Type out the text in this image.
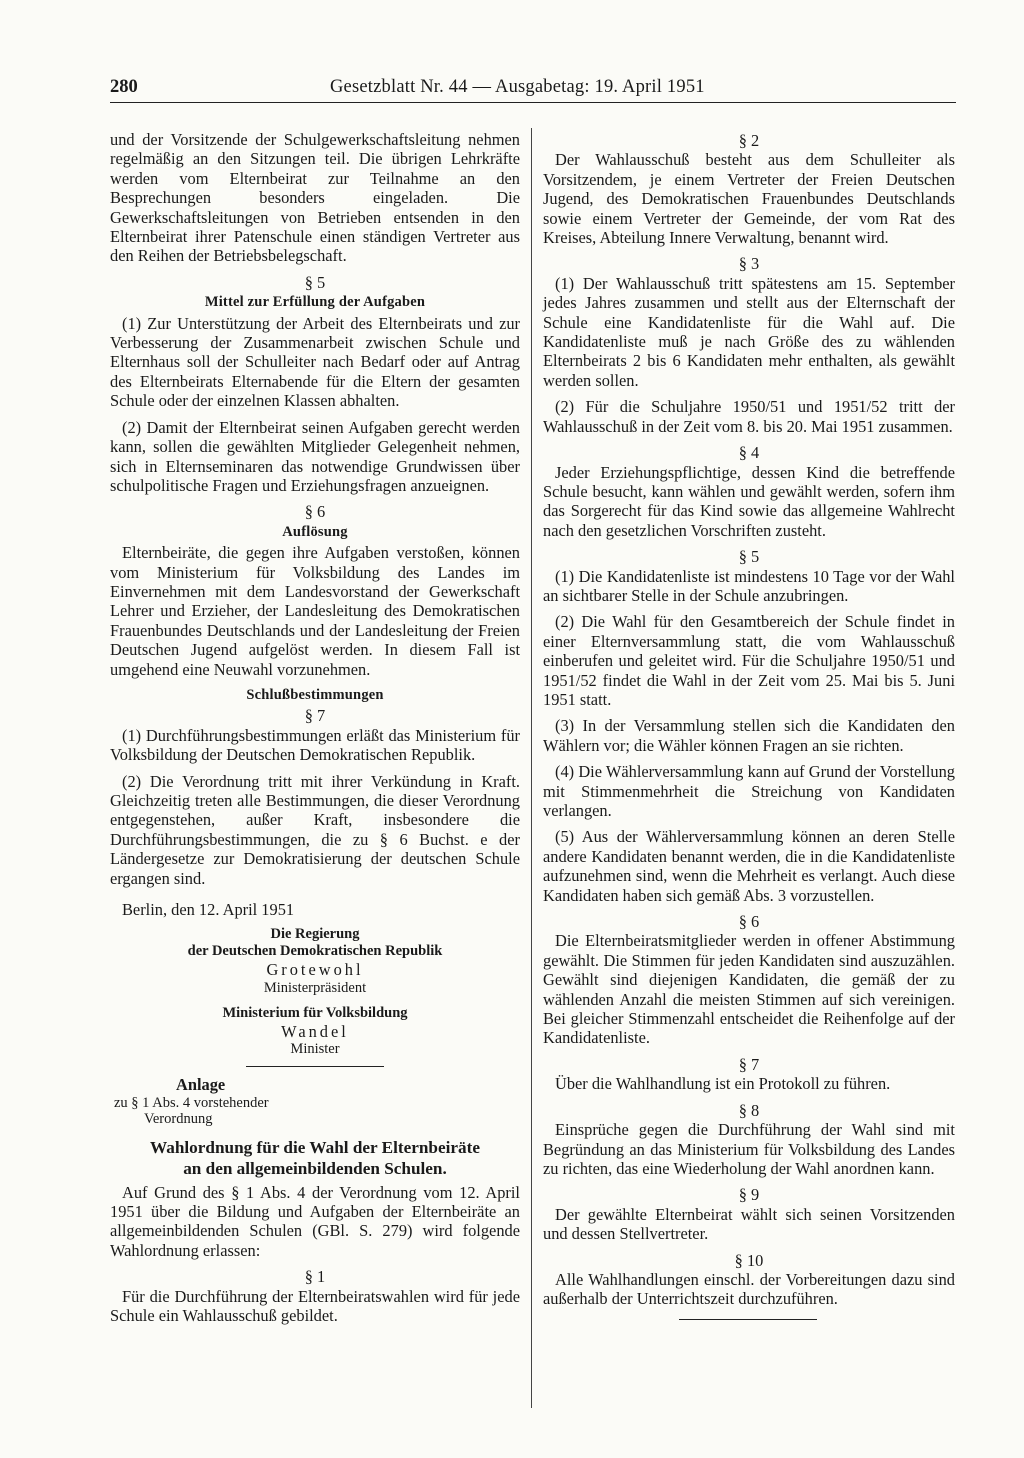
280	Gesetzblatt Nr. 44 — Ausgabetag: 19. April 1951

und der Vorsitzende der Schulgewerkschaftsleitung nehmen regelmäßig an den Sitzungen teil. Die übrigen Lehrkräfte werden vom Elternbeirat zur Teilnahme an den Besprechungen besonders eingeladen. Die Gewerkschaftsleitungen von Betrieben entsenden in den Elternbeirat ihrer Patenschule einen ständigen Vertreter aus den Reihen der Betriebsbelegschaft.

§ 5
Mittel zur Erfüllung der Aufgaben

(1) Zur Unterstützung der Arbeit des Elternbeirats und zur Verbesserung der Zusammenarbeit zwischen Schule und Elternhaus soll der Schulleiter nach Bedarf oder auf Antrag des Elternbeirats Elternabende für die Eltern der gesamten Schule oder der einzelnen Klassen abhalten.

(2) Damit der Elternbeirat seinen Aufgaben gerecht werden kann, sollen die gewählten Mitglieder Gelegenheit nehmen, sich in Elternseminaren das notwendige Grundwissen über schulpolitische Fragen und Erziehungsfragen anzueignen.

§ 6
Auflösung

Elternbeiräte, die gegen ihre Aufgaben verstoßen, können vom Ministerium für Volksbildung des Landes im Einvernehmen mit dem Landesvorstand der Gewerkschaft Lehrer und Erzieher, der Landesleitung des Demokratischen Frauenbundes Deutschlands und der Landesleitung der Freien Deutschen Jugend aufgelöst werden. In diesem Fall ist umgehend eine Neuwahl vorzunehmen.

Schlußbestimmungen
§ 7

(1) Durchführungsbestimmungen erläßt das Ministerium für Volksbildung der Deutschen Demokratischen Republik.

(2) Die Verordnung tritt mit ihrer Verkündung in Kraft. Gleichzeitig treten alle Bestimmungen, die dieser Verordnung entgegenstehen, außer Kraft, insbesondere die Durchführungsbestimmungen, die zu § 6 Buchst. e der Ländergesetze zur Demokratisierung der deutschen Schule ergangen sind.

Berlin, den 12. April 1951

Die Regierung
der Deutschen Demokratischen Republik
Grotewohl
Ministerpräsident
Ministerium für Volksbildung
Wandel
Minister
Anlage
zu § 1 Abs. 4 vorstehender
Verordnung
Wahlordnung für die Wahl der Elternbeiräte
an den allgemeinbildenden Schulen.

Auf Grund des § 1 Abs. 4 der Verordnung vom 12. April 1951 über die Bildung und Aufgaben der Elternbeiräte an allgemeinbildenden Schulen (GBl. S. 279) wird folgende Wahlordnung erlassen:

§ 1

Für die Durchführung der Elternbeiratswahlen wird für jede Schule ein Wahlausschuß gebildet.

§ 2

Der Wahlausschuß besteht aus dem Schulleiter als Vorsitzendem, je einem Vertreter der Freien Deutschen Jugend, des Demokratischen Frauenbundes Deutschlands sowie einem Vertreter der Gemeinde, der vom Rat des Kreises, Abteilung Innere Verwaltung, benannt wird.

§ 3

(1) Der Wahlausschuß tritt spätestens am 15. September jedes Jahres zusammen und stellt aus der Elternschaft der Schule eine Kandidatenliste für die Wahl auf. Die Kandidatenliste muß je nach Größe des zu wählenden Elternbeirats 2 bis 6 Kandidaten mehr enthalten, als gewählt werden sollen.

(2) Für die Schuljahre 1950/51 und 1951/52 tritt der Wahlausschuß in der Zeit vom 8. bis 20. Mai 1951 zusammen.

§ 4

Jeder Erziehungspflichtige, dessen Kind die betreffende Schule besucht, kann wählen und gewählt werden, sofern ihm das Sorgerecht für das Kind sowie das allgemeine Wahlrecht nach den gesetzlichen Vorschriften zusteht.

§ 5

(1) Die Kandidatenliste ist mindestens 10 Tage vor der Wahl an sichtbarer Stelle in der Schule anzubringen.

(2) Die Wahl für den Gesamtbereich der Schule findet in einer Elternversammlung statt, die vom Wahlausschuß einberufen und geleitet wird. Für die Schuljahre 1950/51 und 1951/52 findet die Wahl in der Zeit vom 25. Mai bis 5. Juni 1951 statt.

(3) In der Versammlung stellen sich die Kandidaten den Wählern vor; die Wähler können Fragen an sie richten.

(4) Die Wählerversammlung kann auf Grund der Vorstellung mit Stimmenmehrheit die Streichung von Kandidaten verlangen.

(5) Aus der Wählerversammlung können an deren Stelle andere Kandidaten benannt werden, die in die Kandidatenliste aufzunehmen sind, wenn die Mehrheit es verlangt. Auch diese Kandidaten haben sich gemäß Abs. 3 vorzustellen.

§ 6

Die Elternbeiratsmitglieder werden in offener Abstimmung gewählt. Die Stimmen für jeden Kandidaten sind auszuzählen. Gewählt sind diejenigen Kandidaten, die gemäß der zu wählenden Anzahl die meisten Stimmen auf sich vereinigen. Bei gleicher Stimmenzahl entscheidet die Reihenfolge auf der Kandidatenliste.

§ 7

Über die Wahlhandlung ist ein Protokoll zu führen.

§ 8

Einsprüche gegen die Durchführung der Wahl sind mit Begründung an das Ministerium für Volksbildung des Landes zu richten, das eine Wiederholung der Wahl anordnen kann.

§ 9

Der gewählte Elternbeirat wählt sich seinen Vorsitzenden und dessen Stellvertreter.

§ 10

Alle Wahlhandlungen einschl. der Vorbereitungen dazu sind außerhalb der Unterrichtszeit durchzuführen.
